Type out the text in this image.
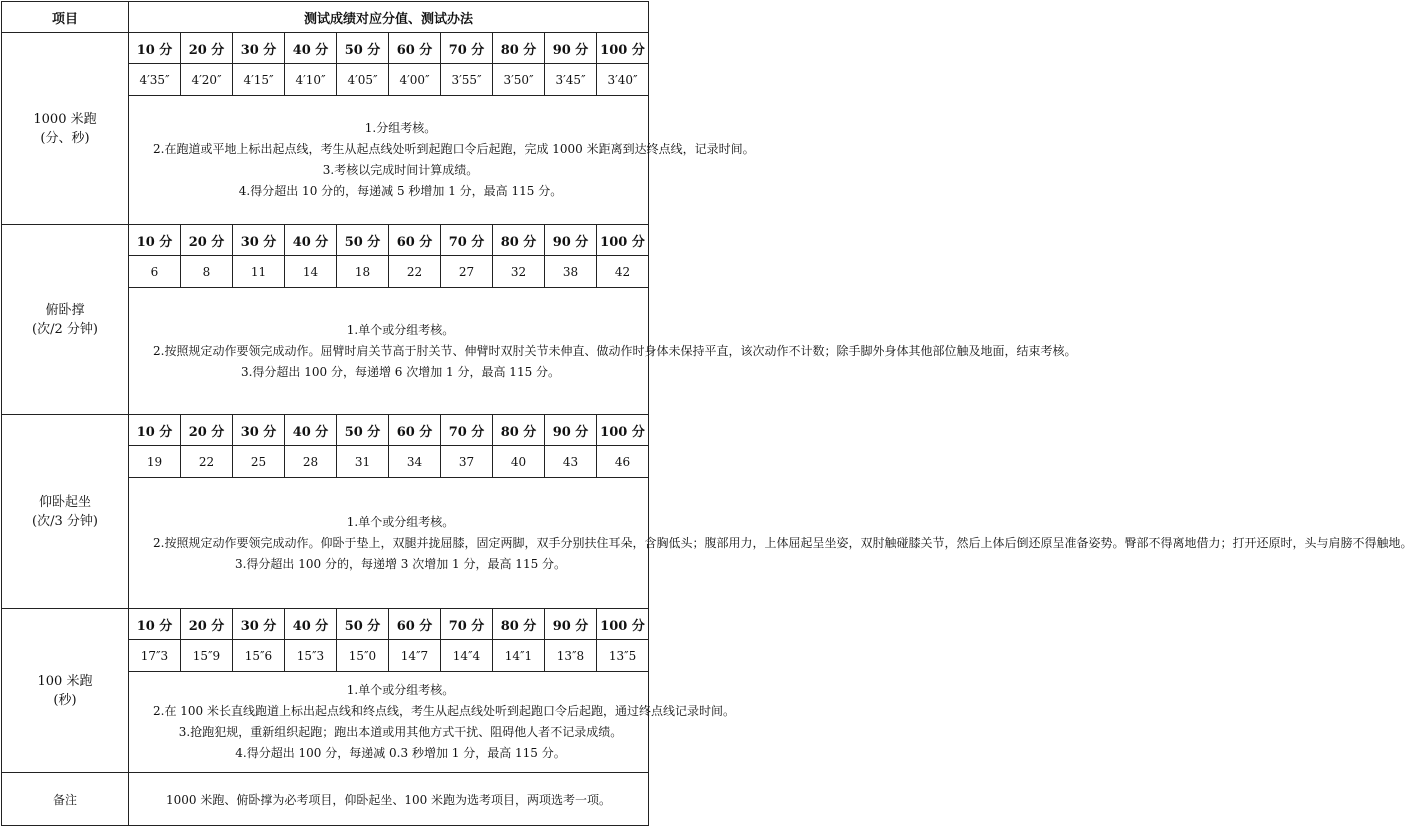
项目	测试成绩对应分值、测试办法									

1000 米跑
(分、秒)	10 分	20 分	30 分	40 分	50 分	60 分	70 分	80 分	90 分	100 分
	4′35″	4′20″	4′15″	4′10″	4′05″	4′00″	3′55″	3′50″	3′45″	3′40″

	1.分组考核。
2.在跑道或平地上标出起点线，考生从起点线处听到起跑口令后起跑，完成 1000 米距离到达终点线，记录时间。
3.考核以完成时间计算成绩。
4.得分超出 10 分的，每递减 5 秒增加 1 分，最高 115 分。									

俯卧撑
(次/2 分钟)	10 分	20 分	30 分	40 分	50 分	60 分	70 分	80 分	90 分	100 分
	6	8	11	14	18	22	27	32	38	42

	1.单个或分组考核。
2.按照规定动作要领完成动作。屈臂时肩关节高于肘关节、伸臂时双肘关节未伸直、做动作时身体未保持平直，该次动作不计数；除手脚外身体其他部位触及地面，结束考核。
3.得分超出 100 分，每递增 6 次增加 1 分，最高 115 分。									

仰卧起坐
(次/3 分钟)	10 分	20 分	30 分	40 分	50 分	60 分	70 分	80 分	90 分	100 分
	19	22	25	28	31	34	37	40	43	46

	1.单个或分组考核。
2.按照规定动作要领完成动作。仰卧于垫上，双腿并拢屈膝，固定两脚，双手分别扶住耳朵，含胸低头；腹部用力，上体屈起呈坐姿，双肘触碰膝关节，然后上体后倒还原呈准备姿势。臀部不得离地借力；打开还原时，头与肩膀不得触地。
3.得分超出 100 分的，每递增 3 次增加 1 分，最高 115 分。									

100 米跑
(秒)	10 分	20 分	30 分	40 分	50 分	60 分	70 分	80 分	90 分	100 分
	17″3	15″9	15″6	15″3	15″0	14″7	14″4	14″1	13″8	13″5

	1.单个或分组考核。
2.在 100 米长直线跑道上标出起点线和终点线，考生从起点线处听到起跑口令后起跑，通过终点线记录时间。
3.抢跑犯规，重新组织起跑；跑出本道或用其他方式干扰、阻碍他人者不记录成绩。
4.得分超出 100 分，每递减 0.3 秒增加 1 分，最高 115 分。									

备注	1000 米跑、俯卧撑为必考项目，仰卧起坐、100 米跑为选考项目，两项选考一项。									
